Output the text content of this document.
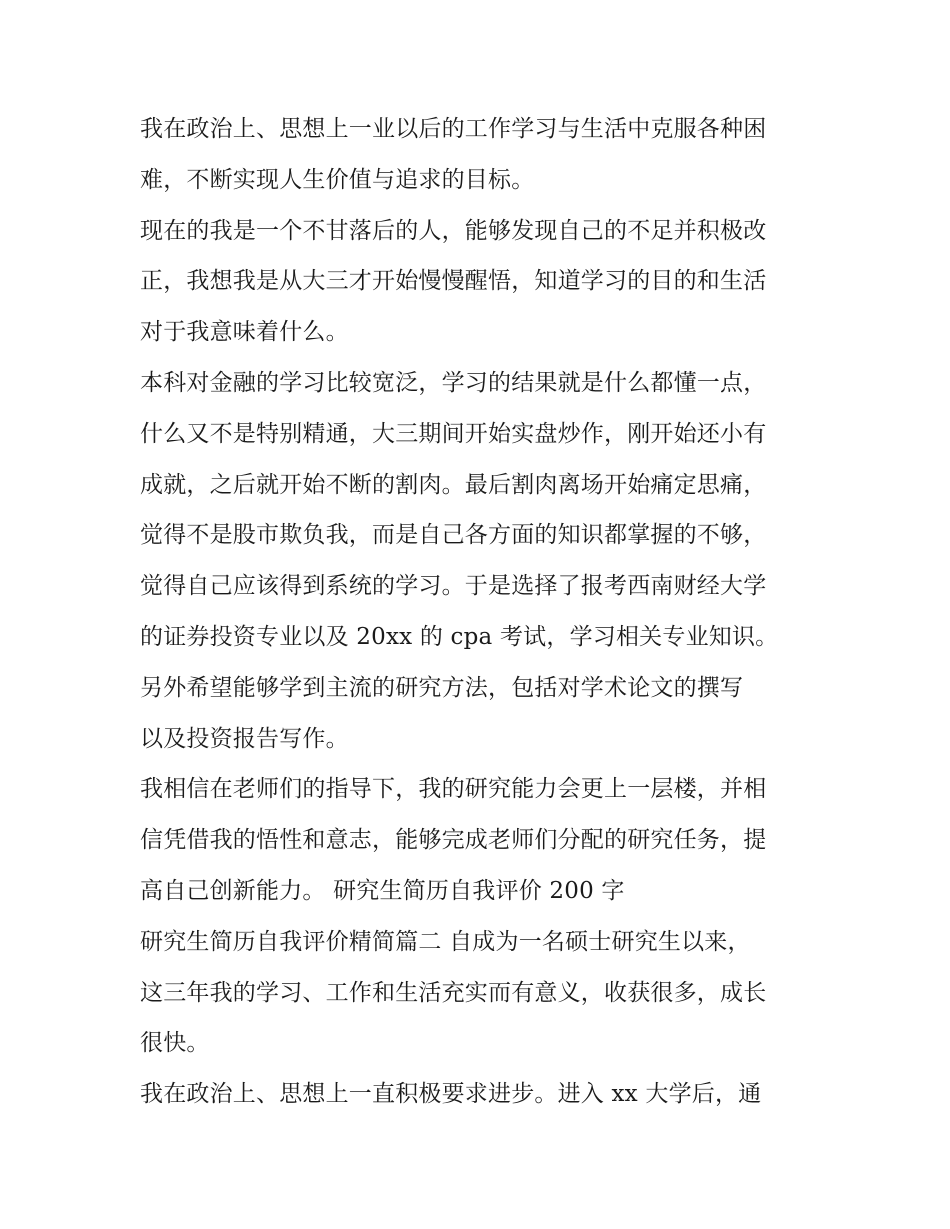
我在政治上、思想上一业以后的工作学习与生活中克服各种困
难，不断实现人生价值与追求的目标。
现在的我是一个不甘落后的人，能够发现自己的不足并积极改
正，我想我是从大三才开始慢慢醒悟，知道学习的目的和生活
对于我意味着什么。
本科对金融的学习比较宽泛，学习的结果就是什么都懂一点，
什么又不是特别精通，大三期间开始实盘炒作，刚开始还小有
成就，之后就开始不断的割肉。最后割肉离场开始痛定思痛，
觉得不是股市欺负我，而是自己各方面的知识都掌握的不够，
觉得自己应该得到系统的学习。于是选择了报考西南财经大学
的证券投资专业以及 20xx 的 cpa 考试，学习相关专业知识。
另外希望能够学到主流的研究方法，包括对学术论文的撰写
以及投资报告写作。
我相信在老师们的指导下，我的研究能力会更上一层楼，并相
信凭借我的悟性和意志，能够完成老师们分配的研究任务，提
高自己创新能力。 研究生简历自我评价 200 字
研究生简历自我评价精简篇二 自成为一名硕士研究生以来，
这三年我的学习、工作和生活充实而有意义，收获很多，成长
很快。
我在政治上、思想上一直积极要求进步。进入 xx 大学后，通
